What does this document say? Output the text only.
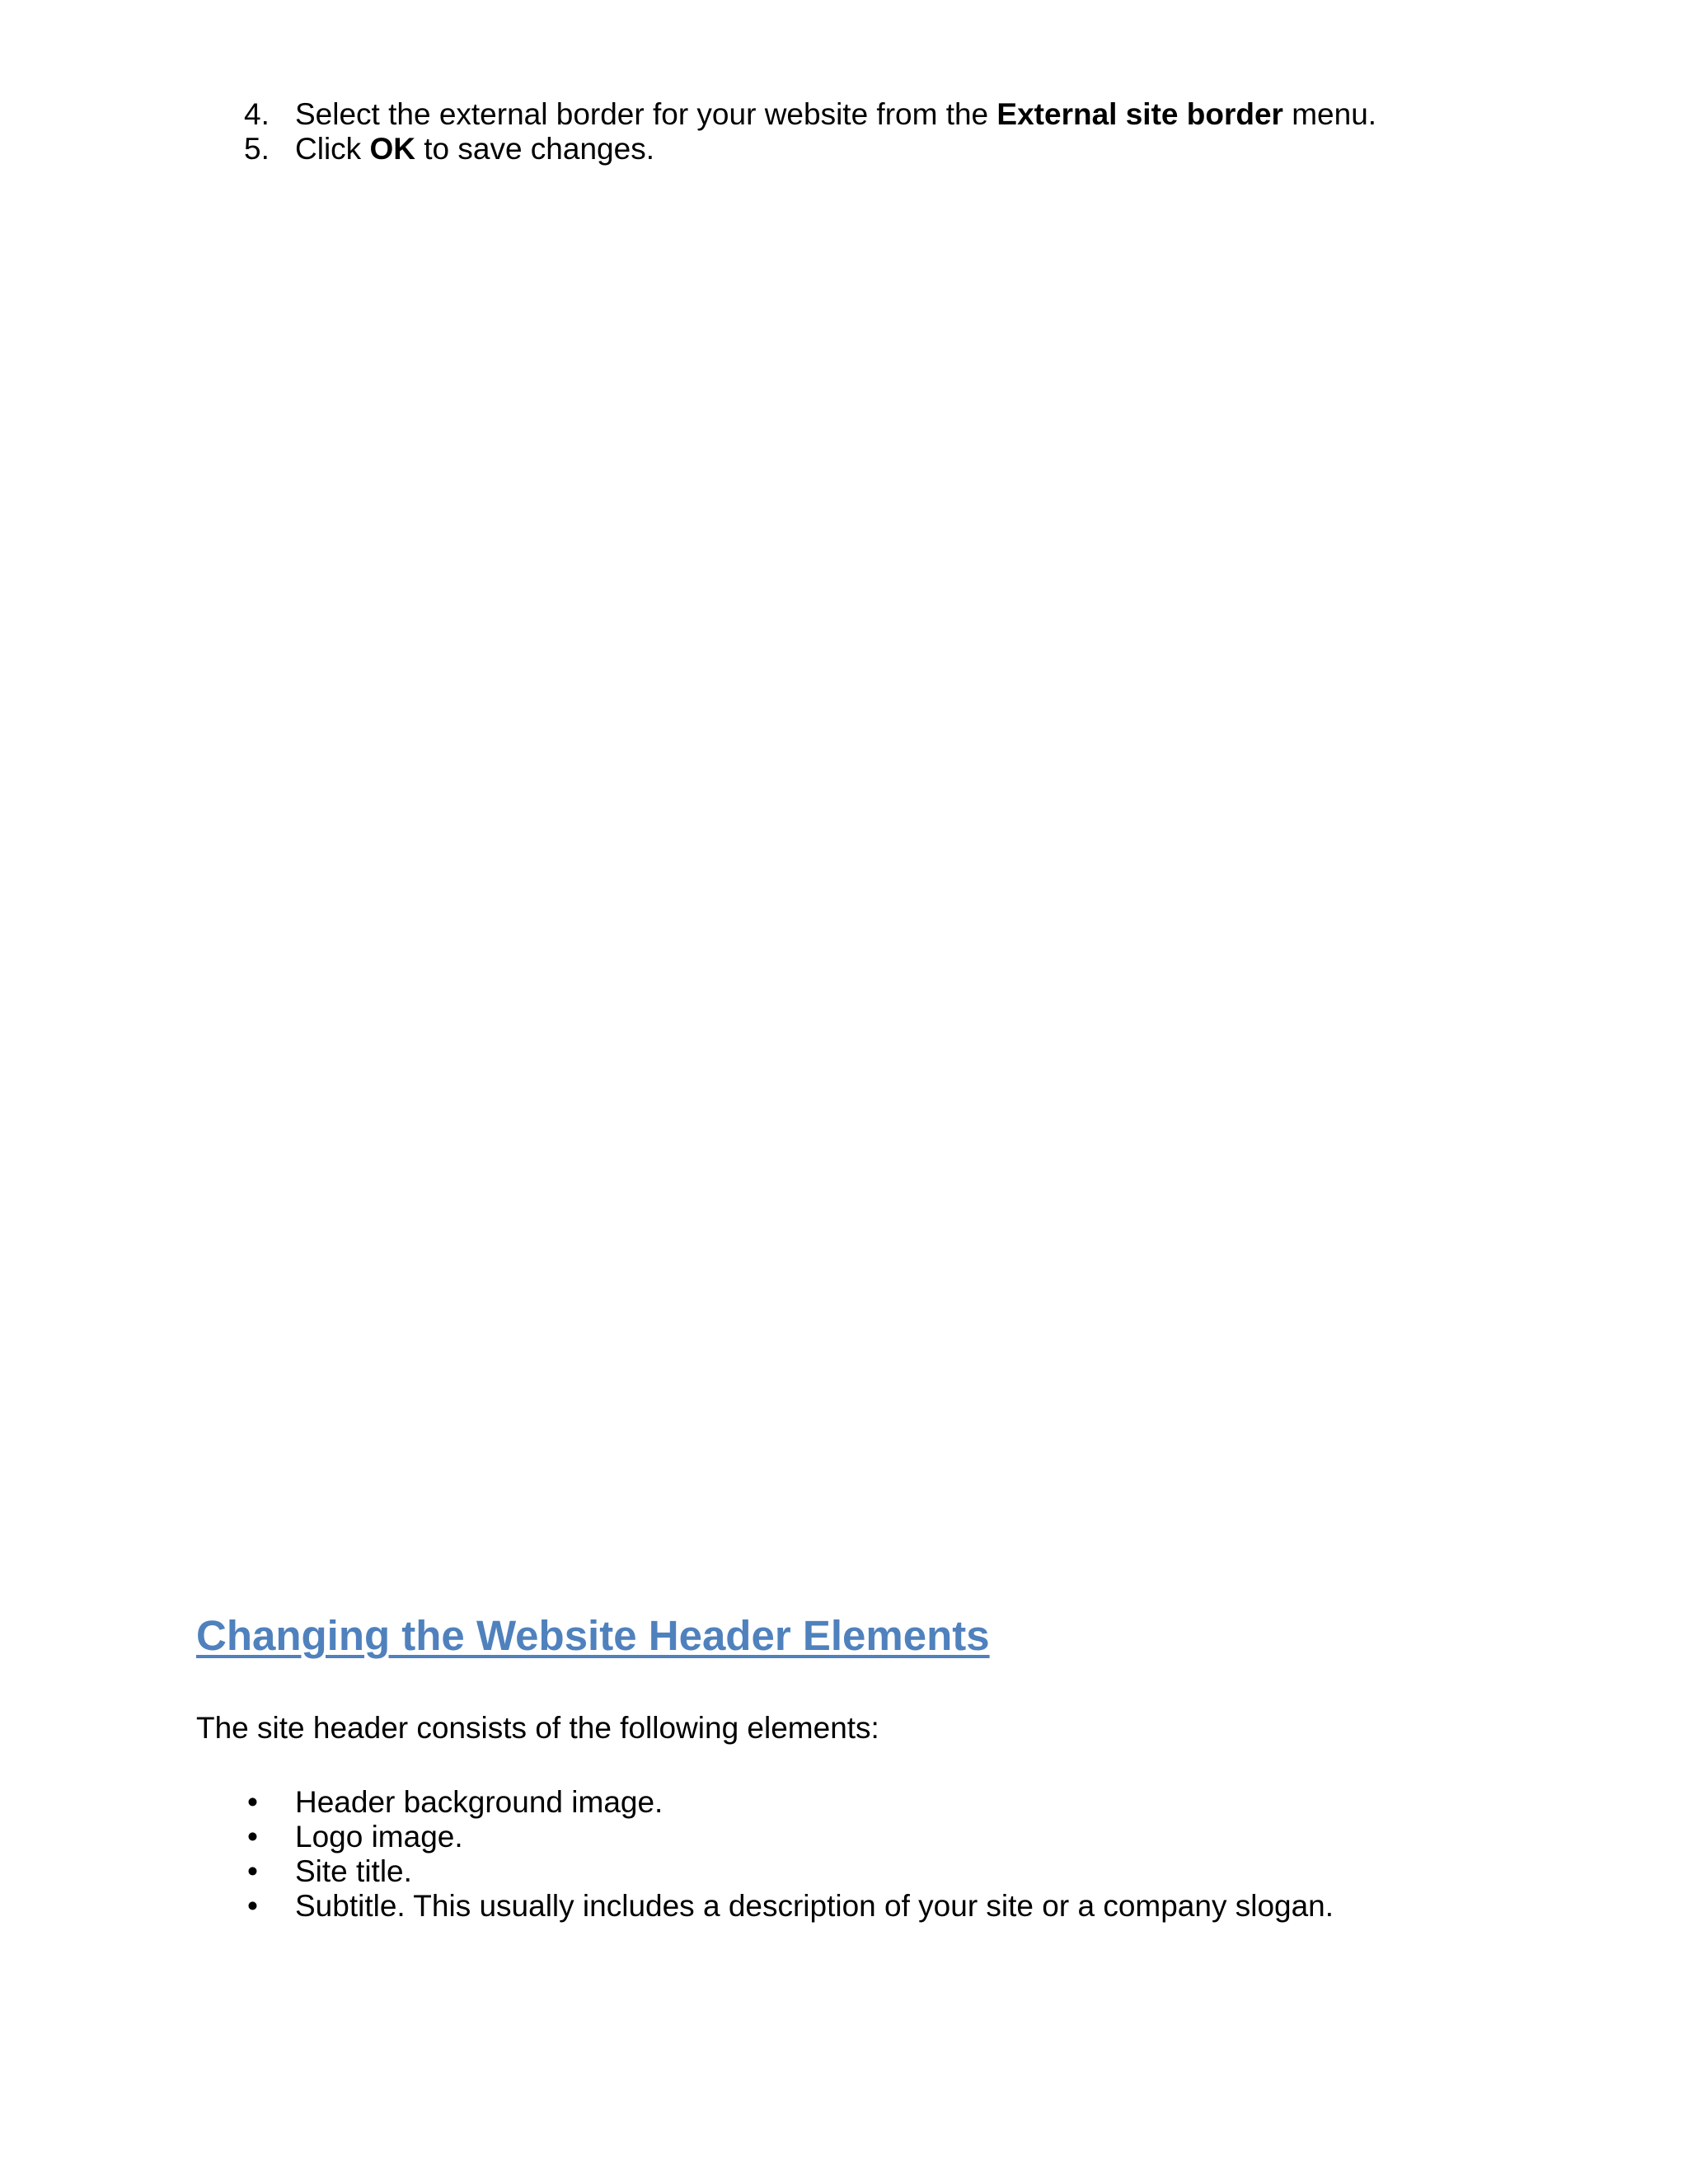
4. Select the external border for your website from the External site border menu.
5. Click OK to save changes.
Changing the Website Header Elements

The site header consists of the following elements:

• Header background image.
• Logo image.
• Site title.
• Subtitle. This usually includes a description of your site or a company slogan.
